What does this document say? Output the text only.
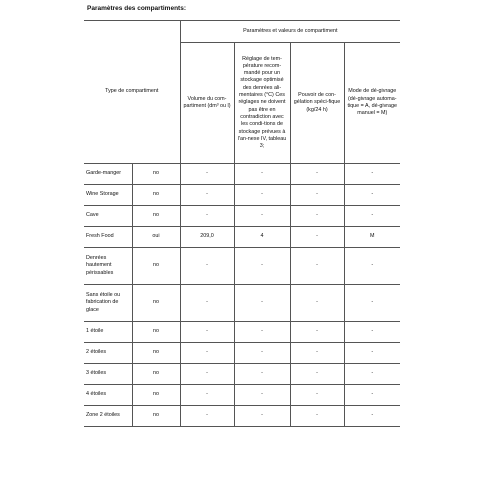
Paramètres des compartiments:
Type de compartiment		Paramètres et valeurs de compartiment			
		Volume du com-partiment (dm³ ou l)	Réglage de tem-pérature recom-mandé pour un stockage optimisé des denrées ali-mentaires (°C) Ces réglages ne doivent pas être en contradiction avec les condi-tions de stockage prévues à l'an-nexe IV, tableau 3;	Pouvoir de con-gélation spéci-fique (kg/24 h)	Mode de dé-givrage (dé-givrage automa-tique = A, dé-givrage manuel = M)
Garde-manger	no	-	-	-	-
Wine Storage	no	-	-	-	-
Cave	no	-	-	-	-
Fresh Food	oui	209,0	4	-	M
Denrées hautement périssables	no	-	-	-	-
Sans étoile ou fabrication de glace	no	-	-	-	-
1 étoile	no	-	-	-	-
2 étoiles	no	-	-	-	-
3 étoiles	no	-	-	-	-
4 étoiles	no	-	-	-	-
Zone 2 étoiles	no	-	-	-	-
